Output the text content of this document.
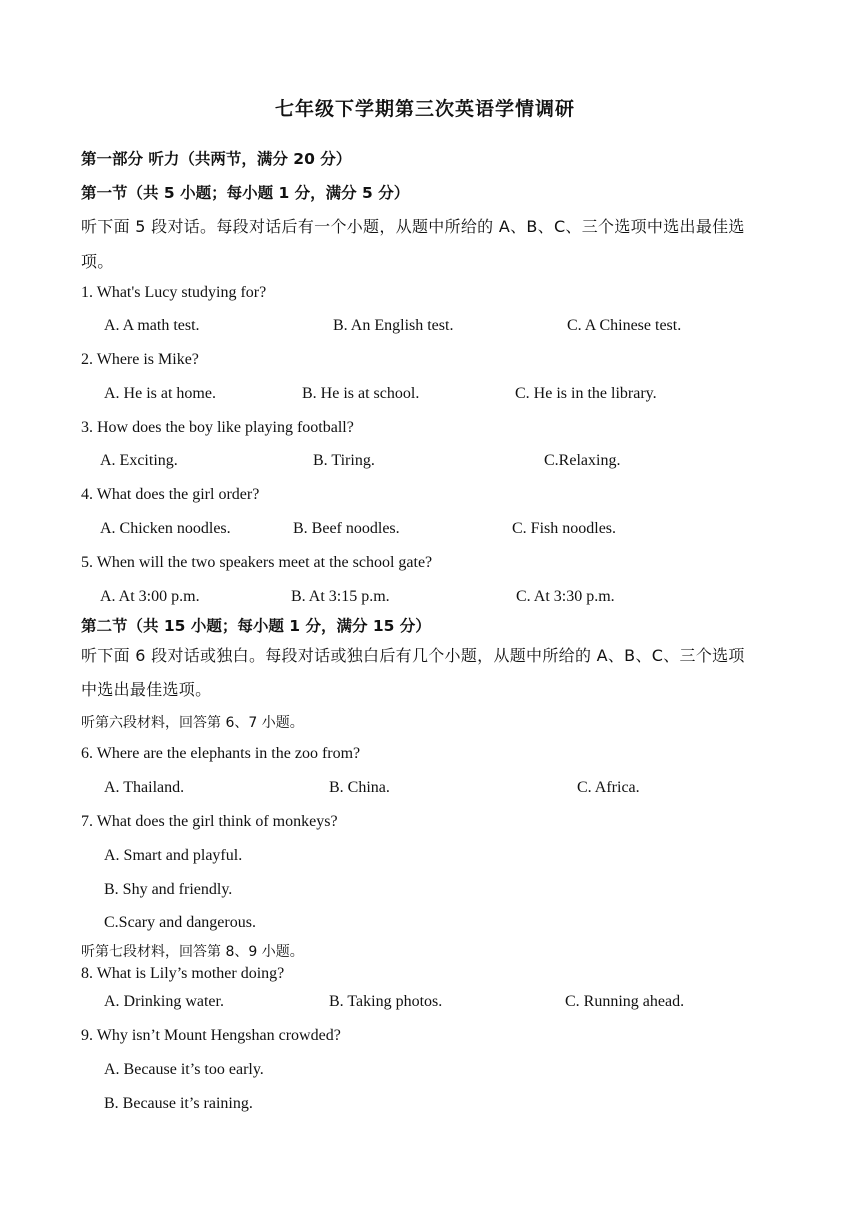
七年级下学期第三次英语学情调研
第一部分 听力（共两节，满分 20 分）
第一节（共 5 小题；每小题 1 分，满分 5 分）
听下面 5 段对话。每段对话后有一个小题，从题中所给的 A、B、C、三个选项中选出最佳选
项。
1. What's Lucy studying for?
A. A math test.	B. An English test.	C. A Chinese test.
2. Where is Mike?
A. He is at home.	B. He is at school.	C. He is in the library.
3. How does the boy like playing football?
A. Exciting.	B. Tiring.	C.Relaxing.
4. What does the girl order?
A. Chicken noodles.	B. Beef noodles.	C. Fish noodles.
5. When will the two speakers meet at the school gate?
A. At 3:00 p.m.	B. At 3:15 p.m.	C. At 3:30 p.m.
第二节（共 15 小题；每小题 1 分，满分 15 分）
听下面 6 段对话或独白。每段对话或独白后有几个小题，从题中所给的 A、B、C、三个选项
中选出最佳选项。
听第六段材料，回答第 6、7 小题。
6. Where are the elephants in the zoo from?
A. Thailand.	B. China.	C. Africa.
7. What does the girl think of monkeys?
A. Smart and playful.
B. Shy and friendly.
C.Scary and dangerous.
听第七段材料，回答第 8、9 小题。
8. What is Lily’s mother doing?
A. Drinking water.	B. Taking photos.	C. Running ahead.
9. Why isn’t Mount Hengshan crowded?
A. Because it’s too early.
B. Because it’s raining.
